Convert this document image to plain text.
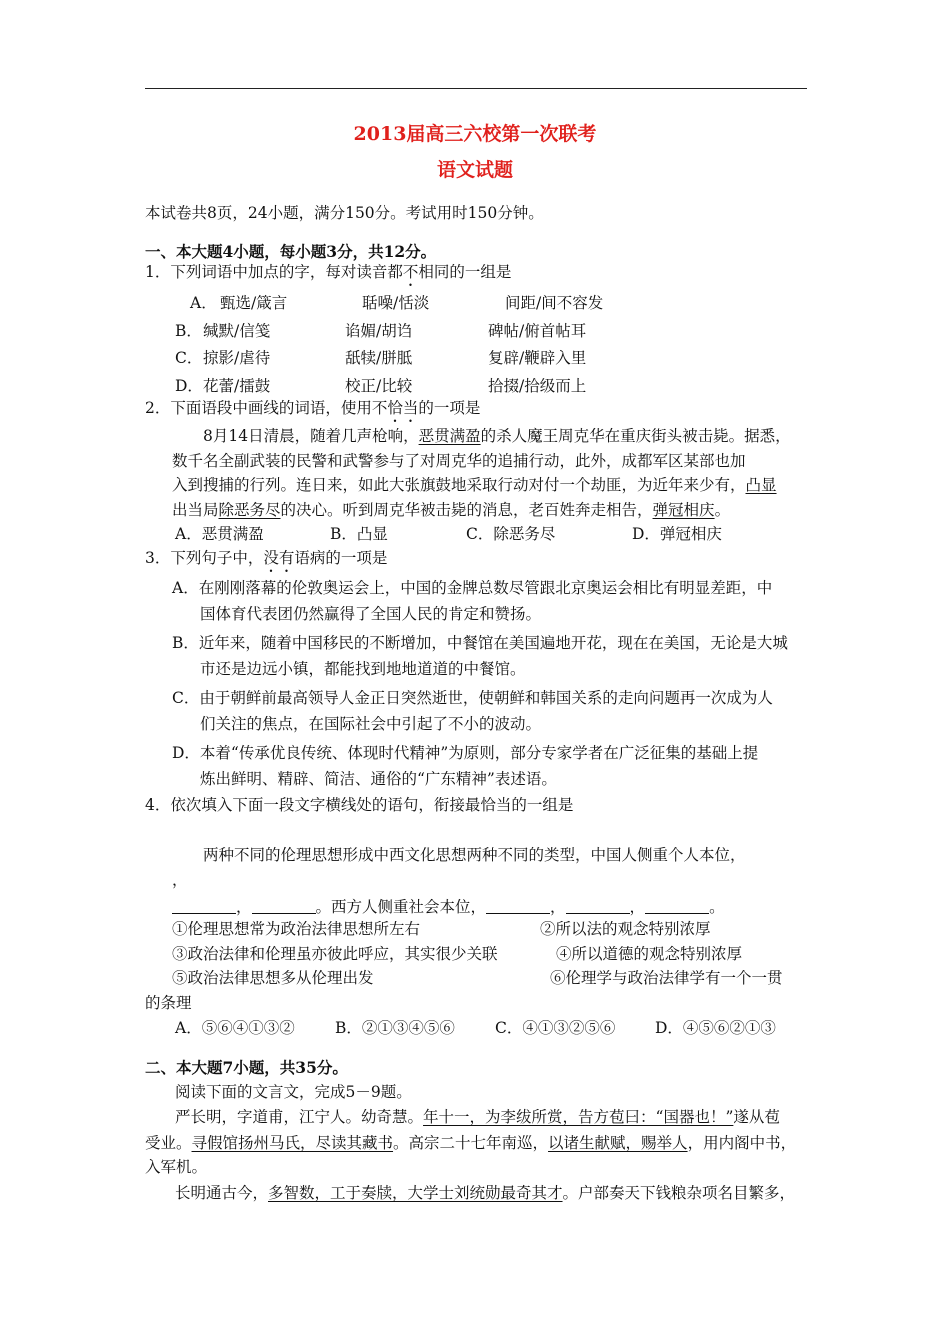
2013届高三六校第一次联考
语文试题
本试卷共8页，24小题，满分150分。考试用时150分钟。
一、本大题4小题，每小题3分，共12分。
1．下列词语中加点的字，每对读音都不相同的一组是
A． 甄选/箴言	聒噪/恬淡	间距/间不容发
B． 缄默/信笺	谄媚/胡诌	碑帖/俯首帖耳
C． 掠影/虐待	舐犊/胼胝	复辟/鞭辟入里
D． 花蕾/擂鼓	校正/比较	拾掇/拾级而上
2．下面语段中画线的词语，使用不恰当的一项是
8月14日清晨，随着几声枪响，恶贯满盈的杀人魔王周克华在重庆街头被击毙。据悉，
数千名全副武装的民警和武警参与了对周克华的追捕行动，此外，成都军区某部也加
入到搜捕的行列。连日来，如此大张旗鼓地采取行动对付一个劫匪，为近年来少有，凸显
出当局除恶务尽的决心。听到周克华被击毙的消息，老百姓奔走相告，弹冠相庆。
A．恶贯满盈	B．凸显	C．除恶务尽	D．弹冠相庆
3．下列句子中，没有语病的一项是
A．在刚刚落幕的伦敦奥运会上，中国的金牌总数尽管跟北京奥运会相比有明显差距，中
国体育代表团仍然赢得了全国人民的肯定和赞扬。
B．近年来，随着中国移民的不断增加，中餐馆在美国遍地开花，现在在美国，无论是大城
市还是边远小镇，都能找到地地道道的中餐馆。
C．由于朝鲜前最高领导人金正日突然逝世，使朝鲜和韩国关系的走向问题再一次成为人
们关注的焦点，在国际社会中引起了不小的波动。
D．本着“传承优良传统、体现时代精神”为原则，部分专家学者在广泛征集的基础上提
炼出鲜明、精辟、简洁、通俗的“广东精神”表述语。
4．依次填入下面一段文字横线处的语句，衔接最恰当的一组是
两种不同的伦理思想形成中西文化思想两种不同的类型，中国人侧重个人本位，
，
，	。西方人侧重社会本位，	，	，	。
①伦理思想常为政治法律思想所左右	②所以法的观念特别浓厚
③政治法律和伦理虽亦彼此呼应，其实很少关联	④所以道德的观念特别浓厚
⑤政治法律思想多从伦理出发	⑥伦理学与政治法律学有一个一贯
的条理
A．⑤⑥④①③②	B．②①③④⑤⑥	C．④①③②⑤⑥	D．④⑤⑥②①③
二、本大题7小题，共35分。
阅读下面的文言文，完成5－9题。
严长明，字道甫，江宁人。幼奇慧。年十一，为李绂所赏，告方苞曰：“国器也！”遂从苞
受业。寻假馆扬州马氏，尽读其藏书。高宗二十七年南巡，以诸生献赋，赐举人，用内阁中书，
入军机。
长明通古今，多智数，工于奏牍，大学士刘统勋最奇其才。户部奏天下钱粮杂项名目繁多，
